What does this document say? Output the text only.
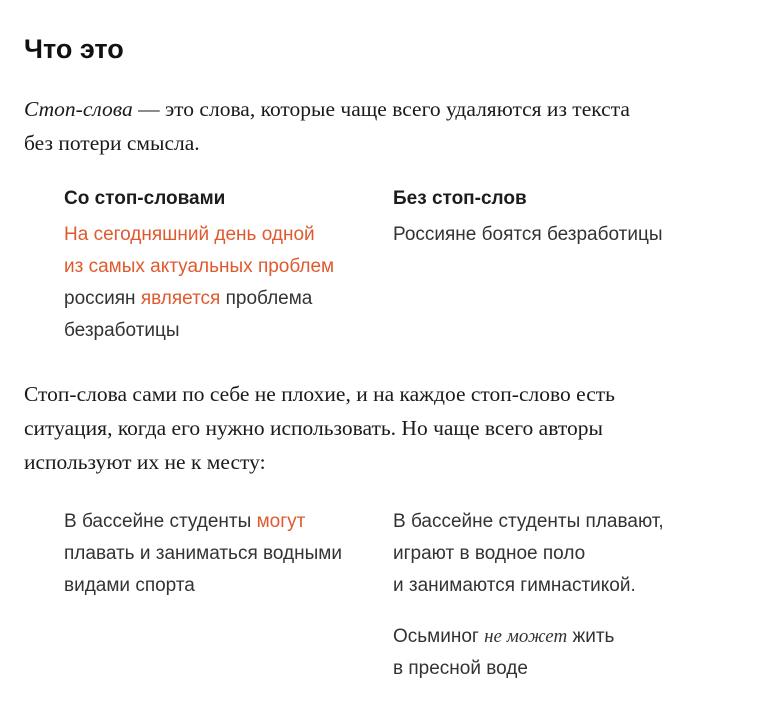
Что это

Стоп-слова — это слова, которые чаще всего удаляются из текста
без потери смысла.

Со стоп-словами

На сегодняшний день одной
из самых актуальных проблем
россиян является проблема
безработицы

Без стоп-слов

Россияне боятся безработицы

Стоп-слова сами по себе не плохие, и на каждое стоп-слово есть
ситуация, когда его нужно использовать. Но чаще всего авторы
используют их не к месту:

В бассейне студенты могут
плавать и заниматься водными
видами спорта

В бассейне студенты плавают,
играют в водное поло
и занимаются гимнастикой.

Осьминог не может жить
в пресной воде
